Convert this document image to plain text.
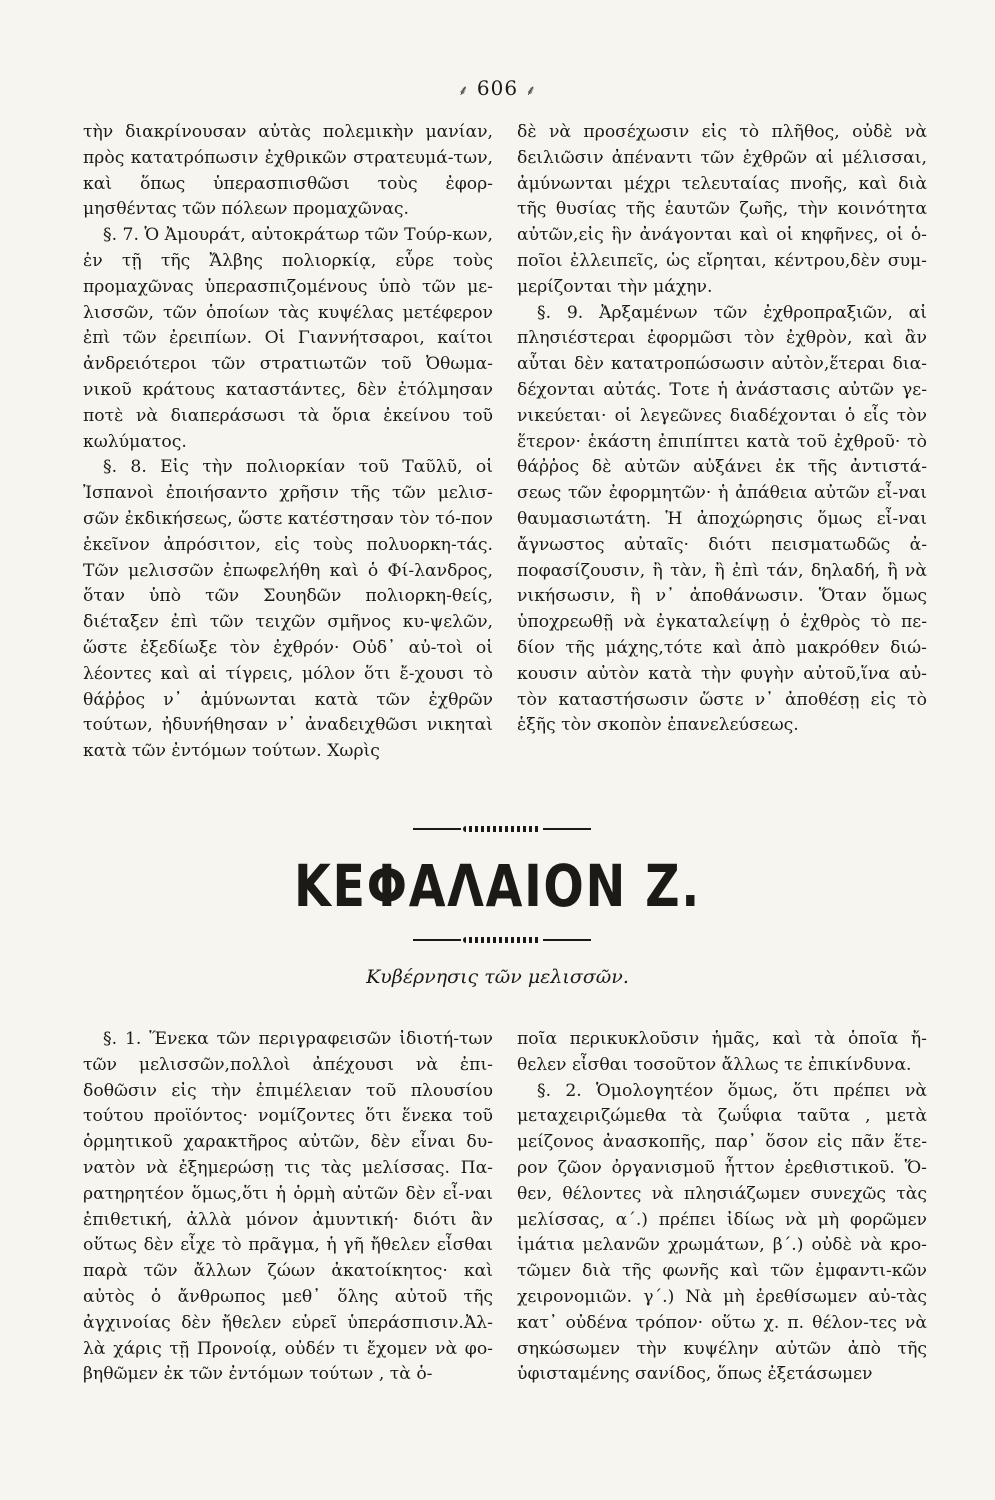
⸙ 606 ⸙

τὴν διακρίνουσαν αὐτὰς πολεμικὴν μανίαν, πρὸς κατατρόπωσιν ἐχθρικῶν στρατευμά-των, καὶ ὅπως ὑπερασπισθῶσι τοὺς ἐφορ-μησθέντας τῶν πόλεων προμαχῶνας.

§. 7. Ὁ Ἀμουράτ, αὐτοκράτωρ τῶν Τούρ-κων, ἐν τῇ τῆς Ἄλβης πολιορκίᾳ, εὗρε τοὺς προμαχῶνας ὑπερασπιζομένους ὑπὸ τῶν με-λισσῶν, τῶν ὁποίων τὰς κυψέλας μετέφερον ἐπὶ τῶν ἐρειπίων. Οἱ Γιαννήτσαροι, καίτοι ἀνδρειότεροι τῶν στρατιωτῶν τοῦ Ὀθωμα-νικοῦ κράτους καταστάντες, δὲν ἐτόλμησαν ποτὲ νὰ διαπεράσωσι τὰ ὅρια ἐκείνου τοῦ κωλύματος.

§. 8. Εἰς τὴν πολιορκίαν τοῦ Ταῦλῦ, οἱ Ἰσπανοὶ ἐποιήσαντο χρῆσιν τῆς τῶν μελισ-σῶν ἐκδικήσεως, ὥστε κατέστησαν τὸν τό-πον ἐκεῖνον ἀπρόσιτον, εἰς τοὺς πολυορκη-τάς. Τῶν μελισσῶν ἐπωφελήθη καὶ ὁ Φί-λανδρος, ὅταν ὑπὸ τῶν Σουηδῶν πολιορκη-θείς, διέταξεν ἐπὶ τῶν τειχῶν σμῆνος κυ-ψελῶν, ὥστε ἐξεδίωξε τὸν ἐχθρόν· Οὐδ᾽ αὐ-τοὶ οἱ λέοντες καὶ αἱ τίγρεις, μόλον ὅτι ἔ-χουσι τὸ θάῤῥος ν᾽ ἀμύνωνται κατὰ τῶν ἐχθρῶν τούτων, ἠδυνήθησαν ν᾽ ἀναδειχθῶσι νικηταὶ κατὰ τῶν ἐντόμων τούτων. Χωρὶς

δὲ νὰ προσέχωσιν εἰς τὸ πλῆθος, οὐδὲ νὰ δειλιῶσιν ἀπέναντι τῶν ἐχθρῶν αἱ μέλισσαι, ἀμύνωνται μέχρι τελευταίας πνοῆς, καὶ διὰ τῆς θυσίας τῆς ἑαυτῶν ζωῆς, τὴν κοινότητα αὐτῶν,εἰς ἣν ἀνάγονται καὶ οἱ κηφῆνες, οἱ ὁ-ποῖοι ἐλλειπεῖς, ὡς εἴρηται, κέντρου,δὲν συμ-μερίζονται τὴν μάχην.

§. 9. Ἀρξαμένων τῶν ἐχθροπραξιῶν, αἱ πλησιέστεραι ἐφορμῶσι τὸν ἐχθρὸν, καὶ ἂν αὗται δὲν κατατροπώσωσιν αὐτὸν,ἕτεραι δια-δέχονται αὐτάς. Τοτε ἡ ἀνάστασις αὐτῶν γε-νικεύεται· οἱ λεγεῶνες διαδέχονται ὁ εἷς τὸν ἕτερον· ἑκάστη ἐπιπίπτει κατὰ τοῦ ἐχθροῦ· τὸ θάῤῥος δὲ αὐτῶν αὐξάνει ἐκ τῆς ἀντιστά-σεως τῶν ἐφορμητῶν· ἡ ἀπάθεια αὐτῶν εἶ-ναι θαυμασιωτάτη. Ἡ ἀποχώρησις ὅμως εἶ-ναι ἄγνωστος αὐταῖς· διότι πεισματωδῶς ἀ-ποφασίζουσιν, ἢ τὰν, ἢ ἐπὶ τάν, δηλαδή, ἢ νὰ νικήσωσιν, ἢ ν᾽ ἀποθάνωσιν. Ὅταν ὅμως ὑποχρεωθῇ νὰ ἐγκαταλείψῃ ὁ ἐχθρὸς τὸ πε-δίον τῆς μάχης,τότε καὶ ἀπὸ μακρόθεν διώ-κουσιν αὐτὸν κατὰ τὴν φυγὴν αὐτοῦ,ἵνα αὐ-τὸν καταστήσωσιν ὥστε ν᾽ ἀποθέσῃ εἰς τὸ ἑξῆς τὸν σκοπὸν ἐπανελεύσεως.

ΚΕΦΑΛΑΙΟΝ Ζ.
Κυβέρνησις τῶν μελισσῶν.

§. 1. Ἕνεκα τῶν περιγραφεισῶν ἰδιοτή-των τῶν μελισσῶν,πολλοὶ ἀπέχουσι νὰ ἐπι-δοθῶσιν εἰς τὴν ἐπιμέλειαν τοῦ πλουσίου τούτου προϊόντος· νομίζοντες ὅτι ἕνεκα τοῦ ὁρμητικοῦ χαρακτῆρος αὐτῶν, δὲν εἶναι δυ-νατὸν νὰ ἐξημερώσῃ τις τὰς μελίσσας. Πα-ρατηρητέον ὅμως,ὅτι ἡ ὁρμὴ αὐτῶν δὲν εἶ-ναι ἐπιθετική, ἀλλὰ μόνον ἀμυντική· διότι ἂν οὕτως δὲν εἶχε τὸ πρᾶγμα, ἡ γῆ ἤθελεν εἶσθαι παρὰ τῶν ἄλλων ζώων ἀκατοίκητος· καὶ αὐτὸς ὁ ἄνθρωπος μεθ᾽ ὅλης αὐτοῦ τῆς ἀγχινοίας δὲν ἤθελεν εὑρεῖ ὑπεράσπισιν.Ἀλ-λὰ χάρις τῇ Προνοίᾳ, οὐδέν τι ἔχομεν νὰ φο-βηθῶμεν ἐκ τῶν ἐντόμων τούτων , τὰ ὁ-

ποῖα περικυκλοῦσιν ἡμᾶς, καὶ τὰ ὁποῖα ἤ-θελεν εἶσθαι τοσοῦτον ἄλλως τε ἐπικίνδυνα.

§. 2. Ὁμολογητέον ὅμως, ὅτι πρέπει νὰ μεταχειριζώμεθα τὰ ζωΰφια ταῦτα , μετὰ μείζονος ἀνασκοπῆς, παρ᾽ ὅσον εἰς πᾶν ἕτε-ρον ζῶον ὀργανισμοῦ ἧττον ἐρεθιστικοῦ. Ὅ-θεν, θέλοντες νὰ πλησιάζωμεν συνεχῶς τὰς μελίσσας, α΄.) πρέπει ἰδίως νὰ μὴ φορῶμεν ἱμάτια μελανῶν χρωμάτων, β΄.) οὐδὲ νὰ κρο-τῶμεν διὰ τῆς φωνῆς καὶ τῶν ἐμφαντι-κῶν χειρονομιῶν. γ΄.) Νὰ μὴ ἐρεθίσωμεν αὐ-τὰς κατ᾽ οὐδένα τρόπον· οὕτω χ. π. θέλον-τες νὰ σηκώσωμεν τὴν κυψέλην αὐτῶν ἀπὸ τῆς ὑφισταμένης σανίδος, ὅπως ἐξετάσωμεν
